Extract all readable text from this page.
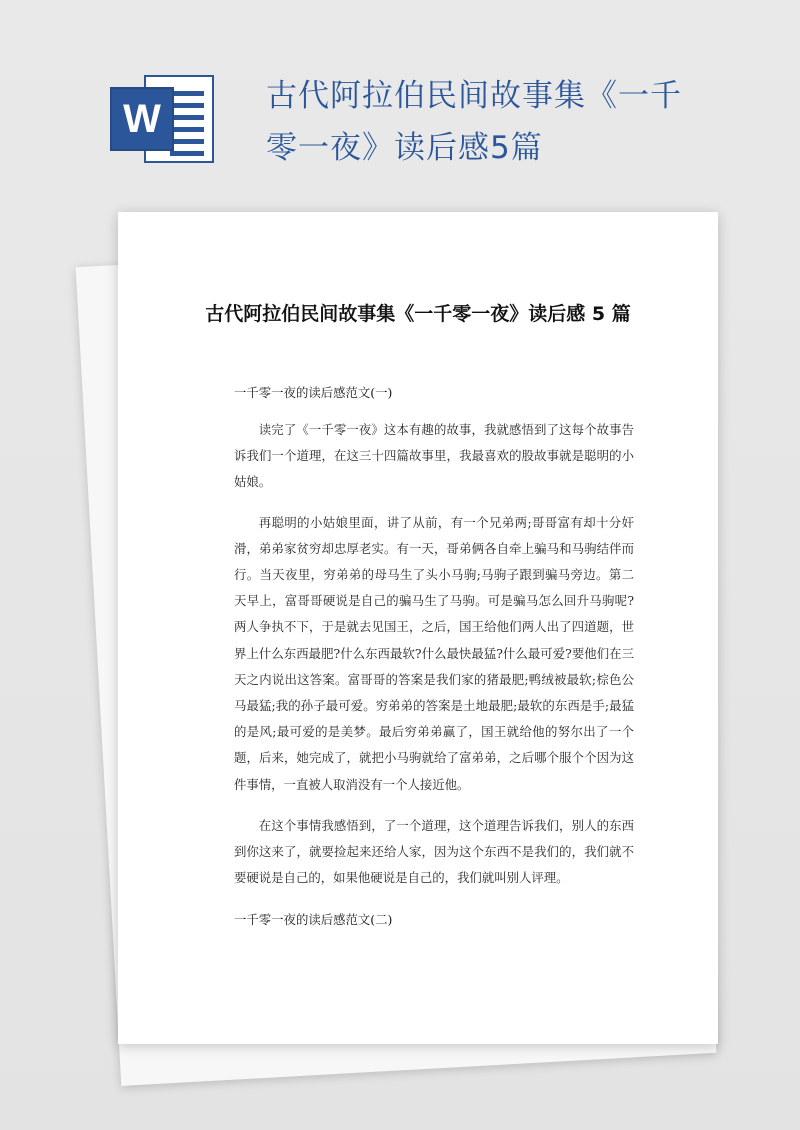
W
古代阿拉伯民间故事集《一千零一夜》读后感5篇
古代阿拉伯民间故事集《一千零一夜》读后感 5 篇
一千零一夜的读后感范文(一)

读完了《一千零一夜》这本有趣的故事，我就感悟到了这每个故事告诉我们一个道理，在这三十四篇故事里，我最喜欢的股故事就是聪明的小姑娘。

再聪明的小姑娘里面，讲了从前，有一个兄弟两;哥哥富有却十分奸滑，弟弟家贫穷却忠厚老实。有一天，哥弟俩各自牵上骗马和马驹结伴而行。当天夜里，穷弟弟的母马生了头小马驹;马驹子跟到骗马旁边。第二天早上，富哥哥硬说是自己的骗马生了马驹。可是骗马怎么回升马驹呢?两人争执不下，于是就去见国王，之后，国王给他们两人出了四道题，世界上什么东西最肥?什么东西最软?什么最快最猛?什么最可爱?要他们在三天之内说出这答案。富哥哥的答案是我们家的猪最肥;鸭绒被最软;棕色公马最猛;我的孙子最可爱。穷弟弟的答案是土地最肥;最软的东西是手;最猛的是风;最可爱的是美梦。最后穷弟弟赢了，国王就给他的努尔出了一个题，后来，她完成了，就把小马驹就给了富弟弟，之后哪个服个个因为这件事情，一直被人取消没有一个人接近他。

在这个事情我感悟到，了一个道理，这个道理告诉我们，别人的东西到你这来了，就要捡起来还给人家，因为这个东西不是我们的，我们就不要硬说是自己的，如果他硬说是自己的，我们就叫别人评理。

一千零一夜的读后感范文(二)
